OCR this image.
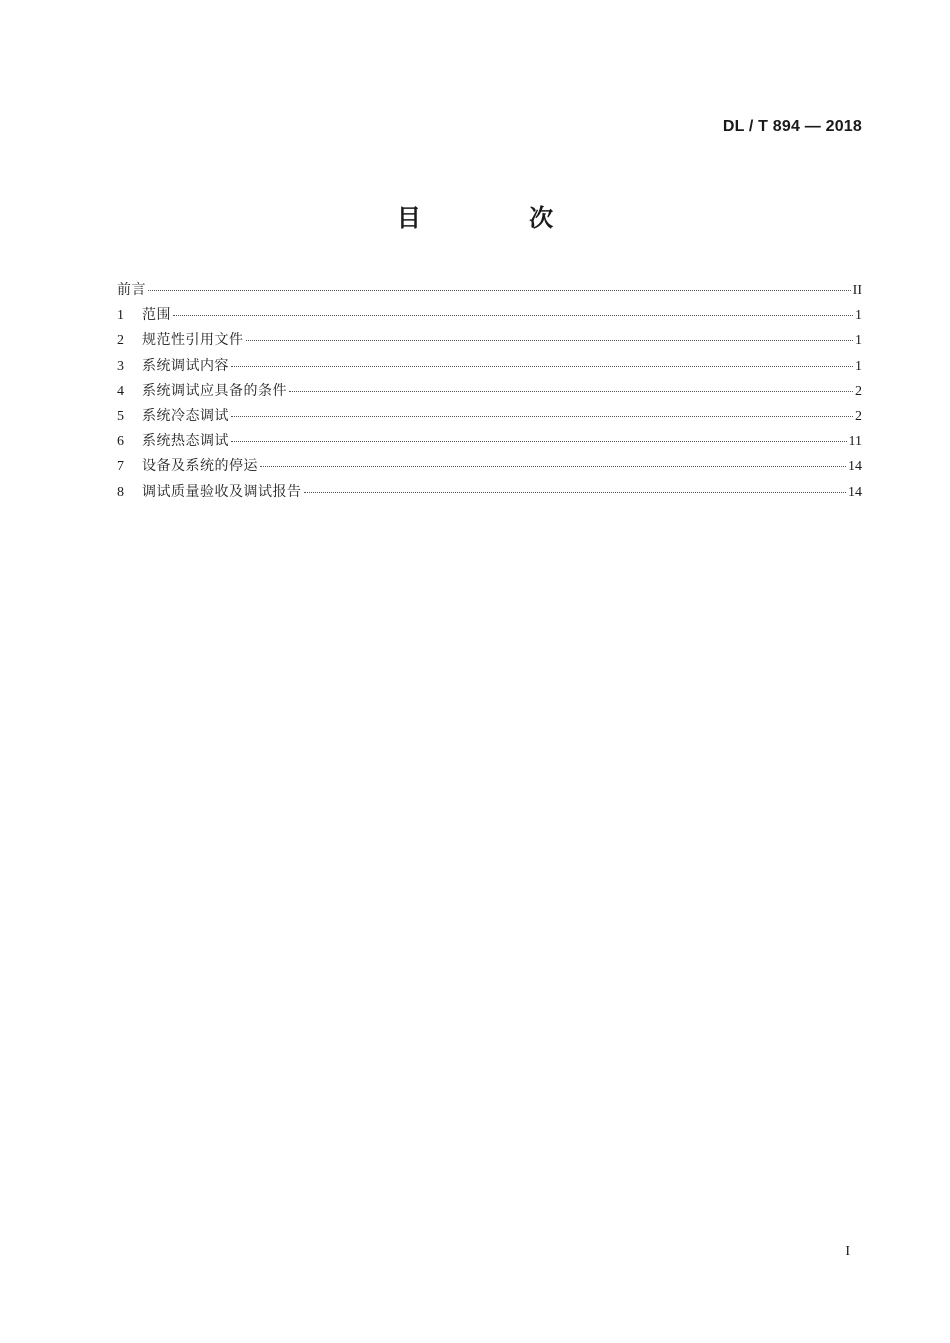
DL / T 894 — 2018
目 次
前言	II
1	范围	1
2	规范性引用文件	1
3	系统调试内容	1
4	系统调试应具备的条件	2
5	系统冷态调试	2
6	系统热态调试	11
7	设备及系统的停运	14
8	调试质量验收及调试报告	14
I
